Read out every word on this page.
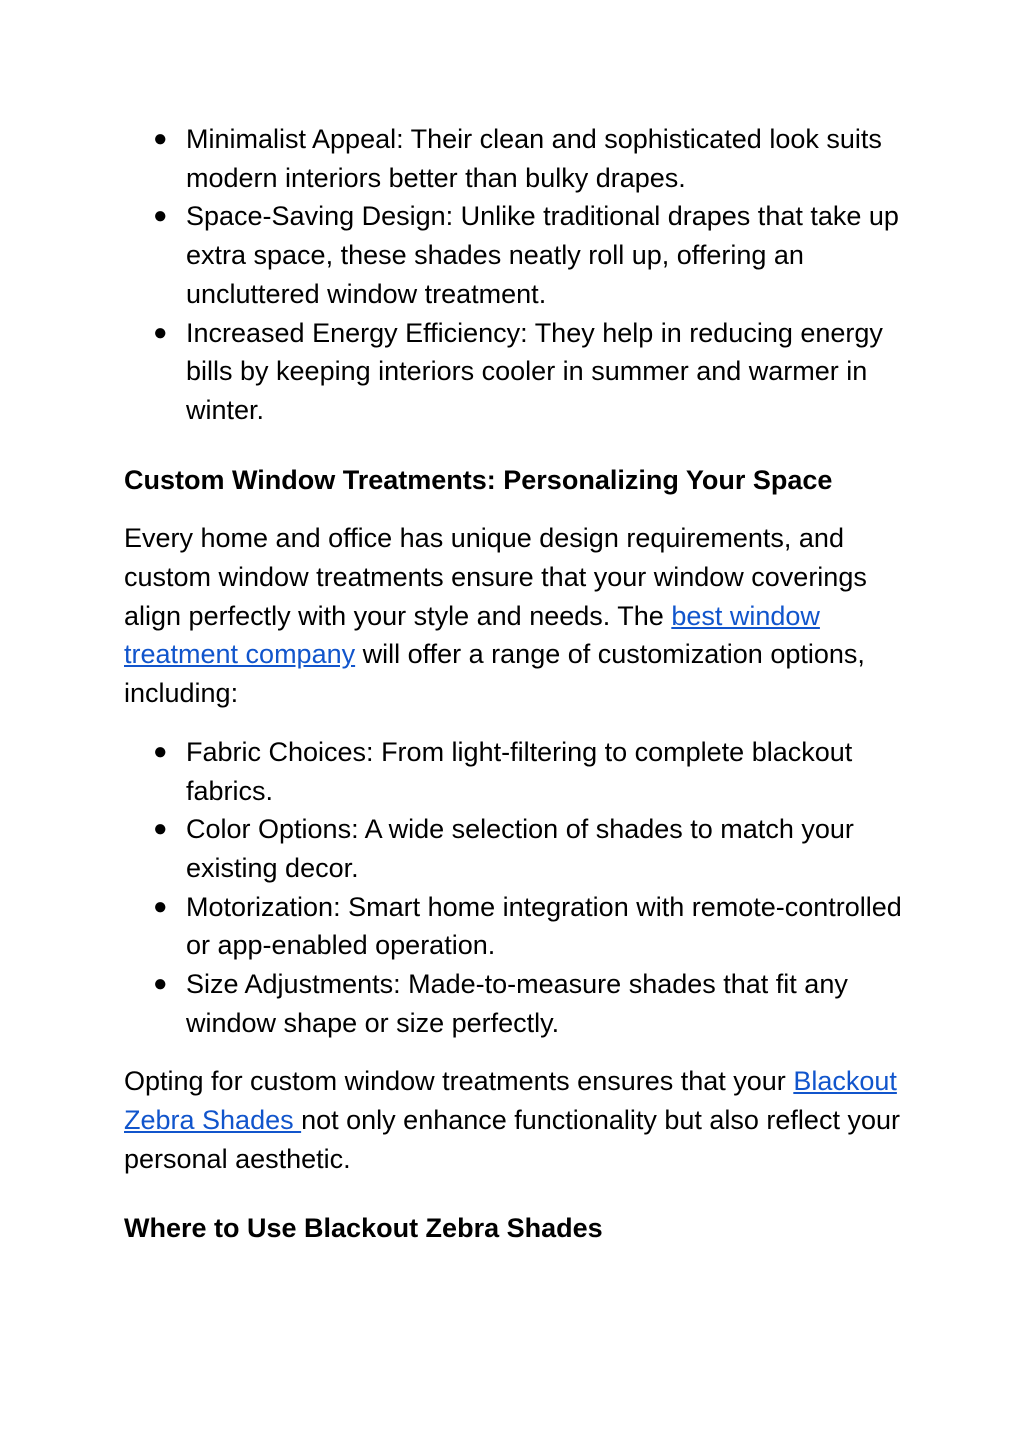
● Minimalist Appeal: Their clean and sophisticated look suits modern interiors better than bulky drapes.
● Space-Saving Design: Unlike traditional drapes that take up extra space, these shades neatly roll up, offering an uncluttered window treatment.
● Increased Energy Efficiency: They help in reducing energy bills by keeping interiors cooler in summer and warmer in winter.
Custom Window Treatments: Personalizing Your Space

Every home and office has unique design requirements, and custom window treatments ensure that your window coverings align perfectly with your style and needs. The best window treatment company will offer a range of customization options, including:

● Fabric Choices: From light-filtering to complete blackout fabrics.
● Color Options: A wide selection of shades to match your existing decor.
● Motorization: Smart home integration with remote-controlled or app-enabled operation.
● Size Adjustments: Made-to-measure shades that fit any window shape or size perfectly.

Opting for custom window treatments ensures that your Blackout Zebra Shades not only enhance functionality but also reflect your personal aesthetic.

Where to Use Blackout Zebra Shades
